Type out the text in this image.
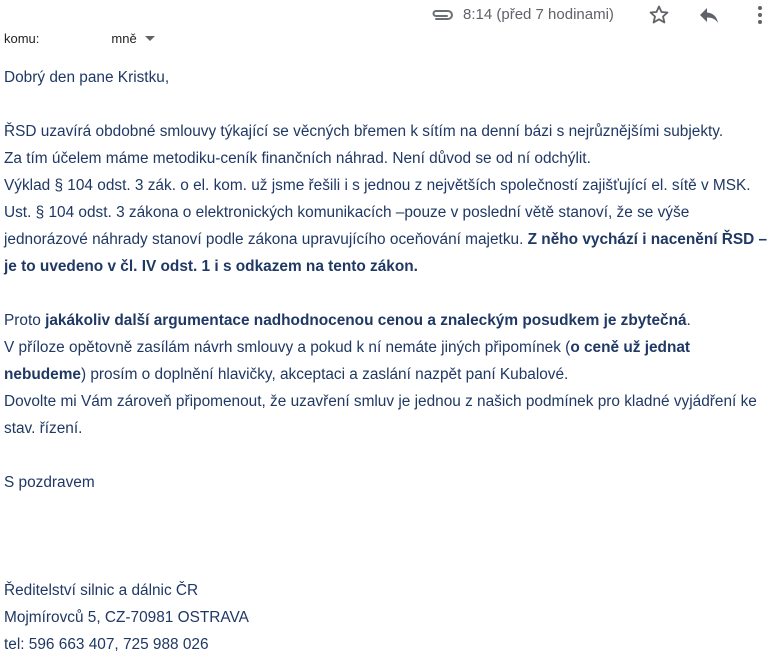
8:14 (před 7 hodinami)
komu:	mně

Dobrý den pane Kristku,

ŘSD uzavírá obdobné smlouvy týkající se věcných břemen k sítím na denní bázi s nejrůznějšími subjekty.

Za tím účelem máme metodiku-ceník finančních náhrad. Není důvod se od ní odchýlit.

Výklad § 104 odst. 3 zák. o el. kom. už jsme řešili i s jednou z největších společností zajišťující el. sítě v MSK. Ust. § 104 odst. 3 zákona o elektronických komunikacích –pouze v poslední větě stanoví, že se výše jednorázové náhrady stanoví podle zákona upravujícího oceňování majetku. Z něho vychází i nacenění ŘSD – je to uvedeno v čl. IV odst. 1 i s odkazem na tento zákon.

Proto jakákoliv další argumentace nadhodnocenou cenou a znaleckým posudkem je zbytečná.

V příloze opětovně zasílám návrh smlouvy a pokud k ní nemáte jiných připomínek (o ceně už jednat nebudeme) prosím o doplnění hlavičky, akceptaci a zaslání nazpět paní Kubalové.

Dovolte mi Vám zároveň připomenout, že uzavření smluv je jednou z našich podmínek pro kladné vyjádření ke stav. řízení.

S pozdravem

Ředitelství silnic a dálnic ČR

Mojmírovců 5, CZ-70981 OSTRAVA

tel: 596 663 407, 725 988 026
